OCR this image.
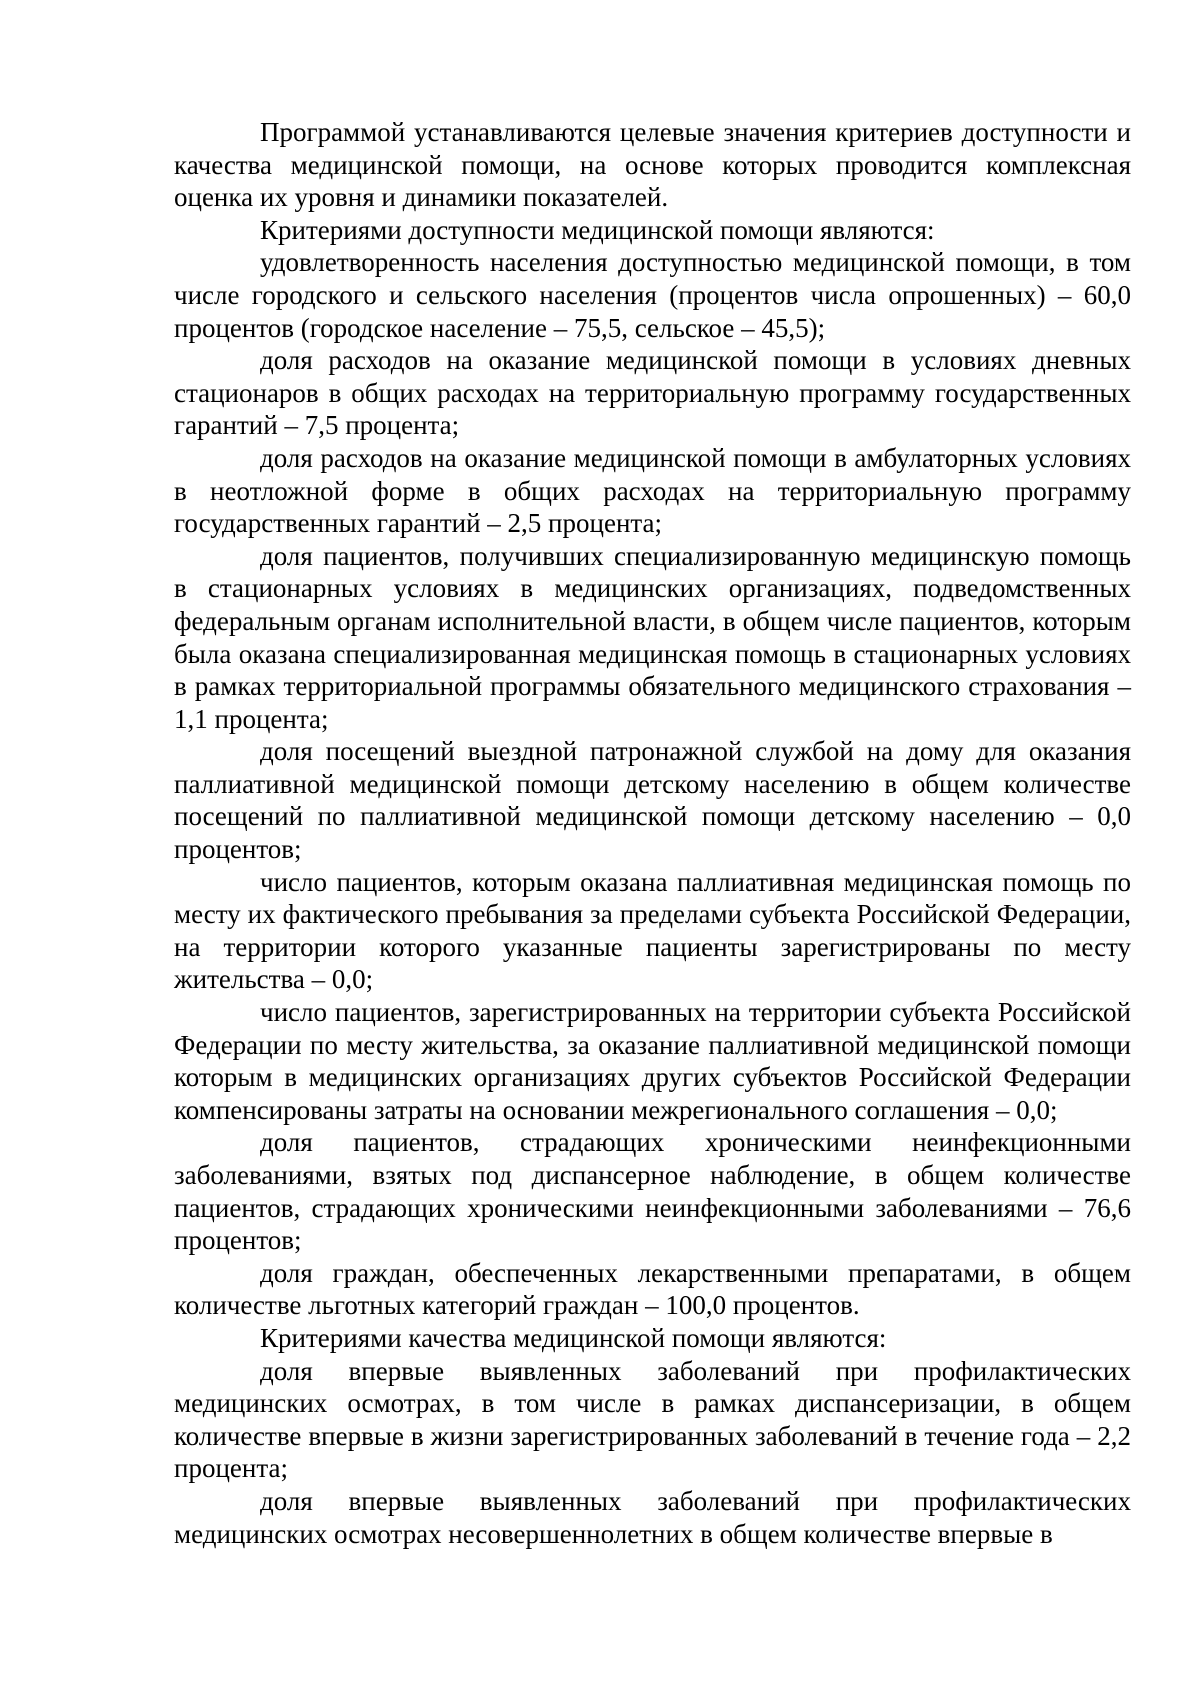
Программой устанавливаются целевые значения критериев доступности и качества медицинской помощи, на основе которых проводится комплексная оценка их уровня и динамики показателей.

Критериями доступности медицинской помощи являются:

удовлетворенность населения доступностью медицинской помощи, в том числе городского и сельского населения (процентов числа опрошенных) – 60,0 процентов (городское население – 75,5, сельское – 45,5);

доля расходов на оказание медицинской помощи в условиях дневных стационаров в общих расходах на территориальную программу государственных гарантий – 7,5 процента;

доля расходов на оказание медицинской помощи в амбулаторных условиях в неотложной форме в общих расходах на территориальную программу государственных гарантий – 2,5 процента;

доля пациентов, получивших специализированную медицинскую помощь в стационарных условиях в медицинских организациях, подведомственных федеральным органам исполнительной власти, в общем числе пациентов, которым была оказана специализированная медицинская помощь в стационарных условиях в рамках территориальной программы обязательного медицинского страхования – 1,1 процента;

доля посещений выездной патронажной службой на дому для оказания паллиативной медицинской помощи детскому населению в общем количестве посещений по паллиативной медицинской помощи детскому населению – 0,0 процентов;

число пациентов, которым оказана паллиативная медицинская помощь по месту их фактического пребывания за пределами субъекта Российской Федерации, на территории которого указанные пациенты зарегистрированы по месту жительства – 0,0;

число пациентов, зарегистрированных на территории субъекта Российской Федерации по месту жительства, за оказание паллиативной медицинской помощи которым в медицинских организациях других субъектов Российской Федерации компенсированы затраты на основании межрегионального соглашения – 0,0;

доля пациентов, страдающих хроническими неинфекционными заболеваниями, взятых под диспансерное наблюдение, в общем количестве пациентов, страдающих хроническими неинфекционными заболеваниями – 76,6 процентов;

доля граждан, обеспеченных лекарственными препаратами, в общем количестве льготных категорий граждан – 100,0 процентов.

Критериями качества медицинской помощи являются:

доля впервые выявленных заболеваний при профилактических медицинских осмотрах, в том числе в рамках диспансеризации, в общем количестве впервые в жизни зарегистрированных заболеваний в течение года – 2,2 процента;

доля впервые выявленных заболеваний при профилактических медицинских осмотрах несовершеннолетних в общем количестве впервые в
